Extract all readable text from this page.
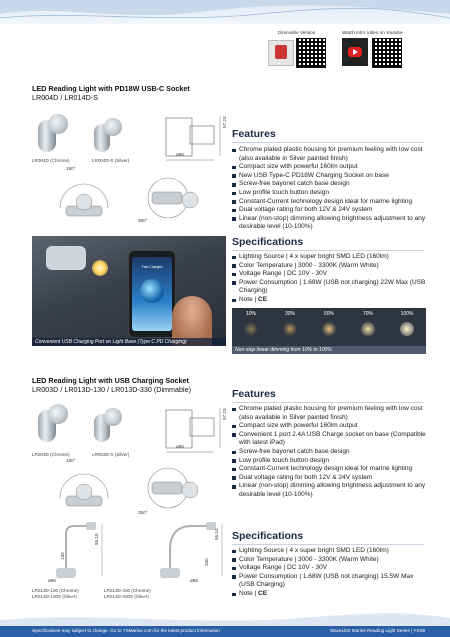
Dimmable Version	Watch Intro Video on Youtube
LED Reading Light with PD18W USB-C Socket
LR004D / LR014D-S
LR004D (Chrome)	LR004D-S (Silver)
57.23
ø66
180°
350°
Features
Chrome plated plastic housing for premium feeling with low cost (also available in Silver painted finish)
Compact size with powerful 160lm output
New USB Type-C PD18W Charging Socket on base
Screw-free bayonet catch base design
Low profile touch button design
Constant-Current technology design ideal for marine lighting
Dual voltage rating for both 12V & 24V system
Linear (non-stop) dimming allowing brightness adjustment to any desirable level (10-100%)
Fast Charged
Convenient USB Charging Port on Light Base (Type C PD Charging)
Specifications
Lighting Source | 4 x super bright SMD LED (160lm)
Color Temperature | 3000 - 3300K (Warm White)
Voltage Range | DC 10V - 30V
Power Consumption | 1.68W (USB not charging) 22W Max (USB Charging)
Note | CE
10%	30%	50%	70%	100%
Non-stop linear dimming from 10% to 100%
LED Reading Light with USB Charging Socket
LR003D / LR013D-130 / LR013D-330 (Dimmable)
LR003D (Chrome)	LR003D-S (Silver)
57.23
ø66
180°
350°
55.10
130
55.10
330
ø66	ø66
LR013D-130 (Chrome)
LR013D-130S (Silver)
LR013D-330 (Chrome)
LR013D-330S (Silver)
Features
Chrome plated plastic housing for premium feeling with low cost (also available in Silver painted finish)
Compact size with powerful 160lm output
Convenient 1 port 2.4A USB Charge socket on base (Compatible with latest iPad)
Screw-free bayonet catch base design
Low profile touch button design
Constant-Current technology design ideal for marine lighting
Dual voltage rating for both 12V & 24V system
Linear (non-stop) dimming allowing brightness adjustment to any desirable level (10-100%)
Specifications
Lighting Source | 4 x super bright SMD LED (160lm)
Color Temperature | 3000 - 3300K (Warm White)
Voltage Range | DC 10V - 30V
Power Consumption | 1.68W (USB not charging) 15.5W Max (USB Charging)
Note | CE
Specifications may subject to change. Go to YSMarine.com for the latest product information	WaveLED Marine Reading Light Series | YS 89
